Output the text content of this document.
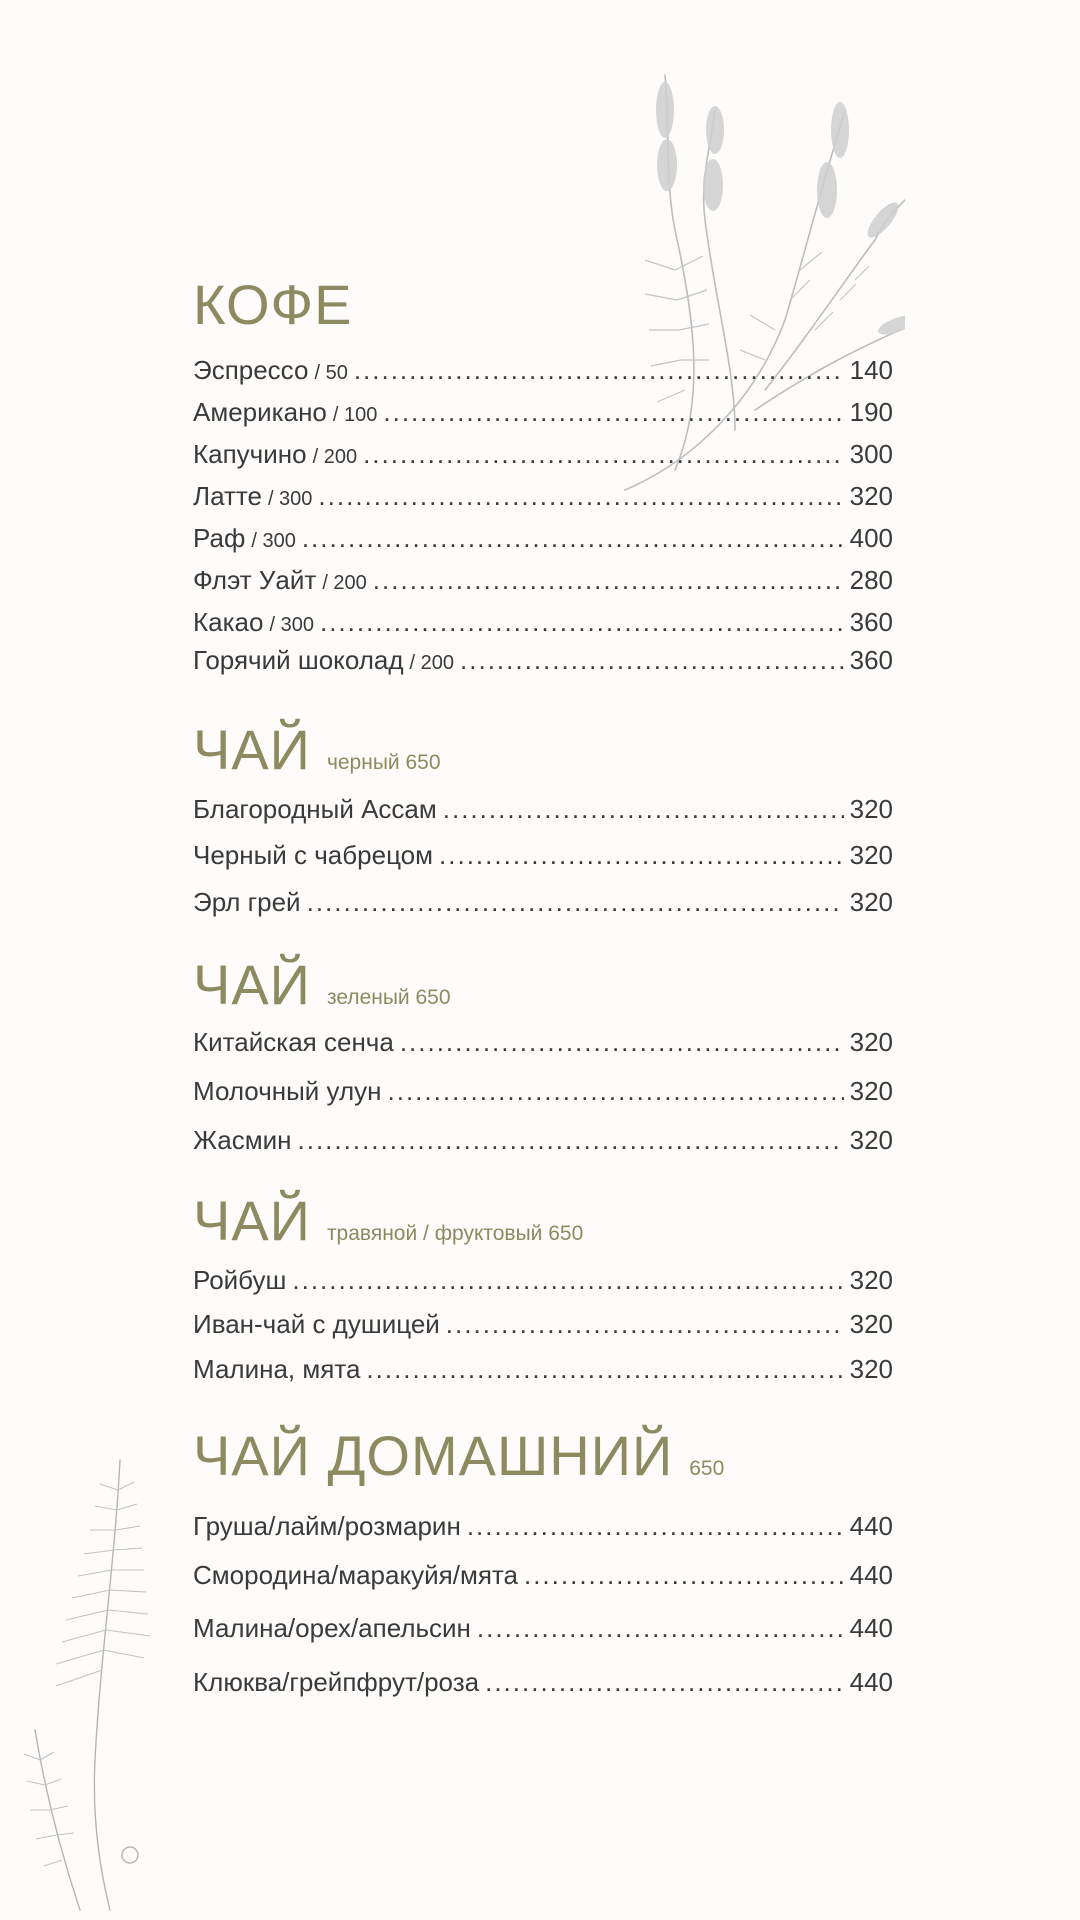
КОФЕ
Эспрессо / 50 .....	140
Американо / 100 .....	190
Капучино / 200 .....	300
Латте / 300 .....	320
Раф / 300 .....	400
Флэт Уайт / 200 .....	280
Какао / 300 .....	360
Горячий шоколад / 200 .....	360
ЧАЙ черный 650
Благородный Ассам .....	320
Черный с чабрецом .....	320
Эрл грей .....	320
ЧАЙ зеленый 650
Китайская сенча .....	320
Молочный улун .....	320
Жасмин .....	320
ЧАЙ травяной / фруктовый 650
Ройбуш .....	320
Иван-чай с душицей .....	320
Малина, мята .....	320
ЧАЙ ДОМАШНИЙ 650
Груша/лайм/розмарин .....	440
Смородина/маракуйя/мята .....	440
Малина/орех/апельсин .....	440
Клюква/грейпфрут/роза .....	440
